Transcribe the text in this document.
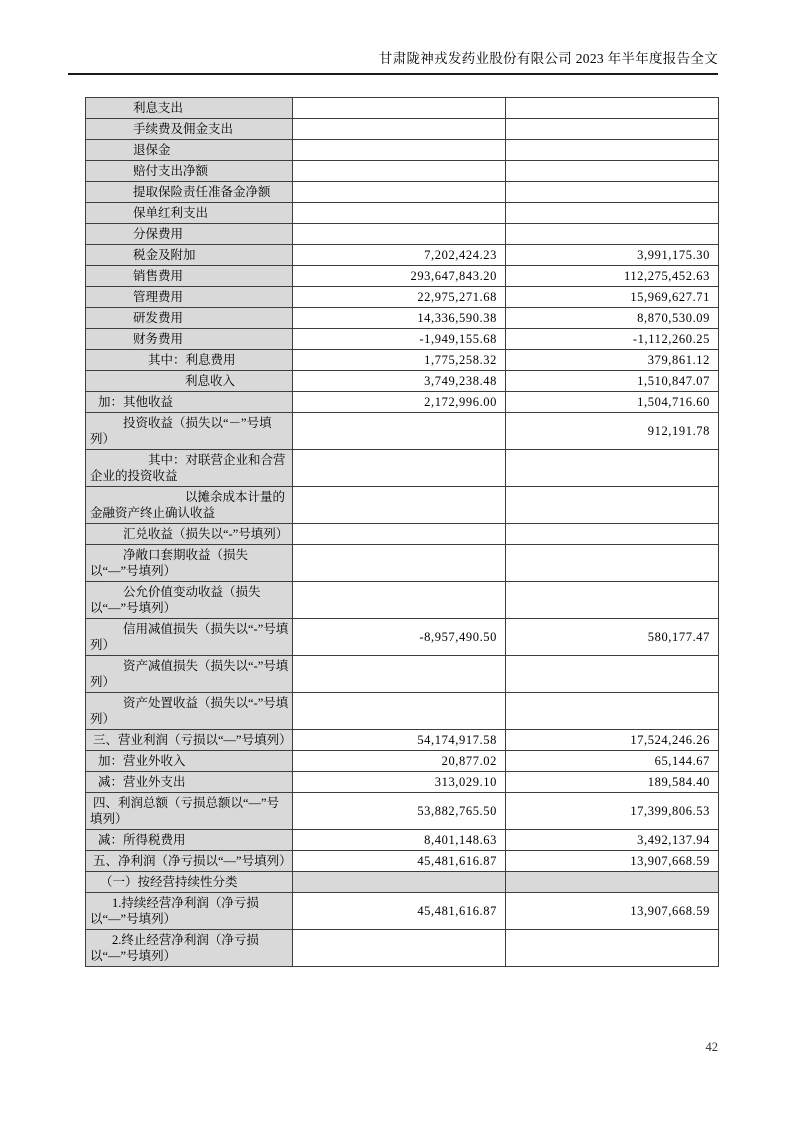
甘肃陇神戎发药业股份有限公司 2023 年半年度报告全文
利息支出		
手续费及佣金支出		
退保金		
赔付支出净额		
提取保险责任准备金净额		
保单红利支出		
分保费用		
税金及附加	7,202,424.23	3,991,175.30
销售费用	293,647,843.20	112,275,452.63
管理费用	22,975,271.68	15,969,627.71
研发费用	14,336,590.38	8,870,530.09
财务费用	-1,949,155.68	-1,112,260.25
其中：利息费用	1,775,258.32	379,861.12
利息收入	3,749,238.48	1,510,847.07
加：其他收益	2,172,996.00	1,504,716.60
投资收益（损失以“－”号填列）		912,191.78
其中：对联营企业和合营企业的投资收益		
以摊余成本计量的金融资产终止确认收益		
汇兑收益（损失以“-”号填列）		
净敞口套期收益（损失以“—”号填列）		
公允价值变动收益（损失以“—”号填列）		
信用减值损失（损失以“-”号填列）	-8,957,490.50	580,177.47
资产减值损失（损失以“-”号填列）		
资产处置收益（损失以“-”号填列）		
三、营业利润（亏损以“—”号填列）	54,174,917.58	17,524,246.26
加：营业外收入	20,877.02	65,144.67
减：营业外支出	313,029.10	189,584.40
四、利润总额（亏损总额以“—”号填列）	53,882,765.50	17,399,806.53
减：所得税费用	8,401,148.63	3,492,137.94
五、净利润（净亏损以“—”号填列）	45,481,616.87	13,907,668.59
（一）按经营持续性分类		
1.持续经营净利润（净亏损以“—”号填列）	45,481,616.87	13,907,668.59
2.终止经营净利润（净亏损以“—”号填列）		
42
